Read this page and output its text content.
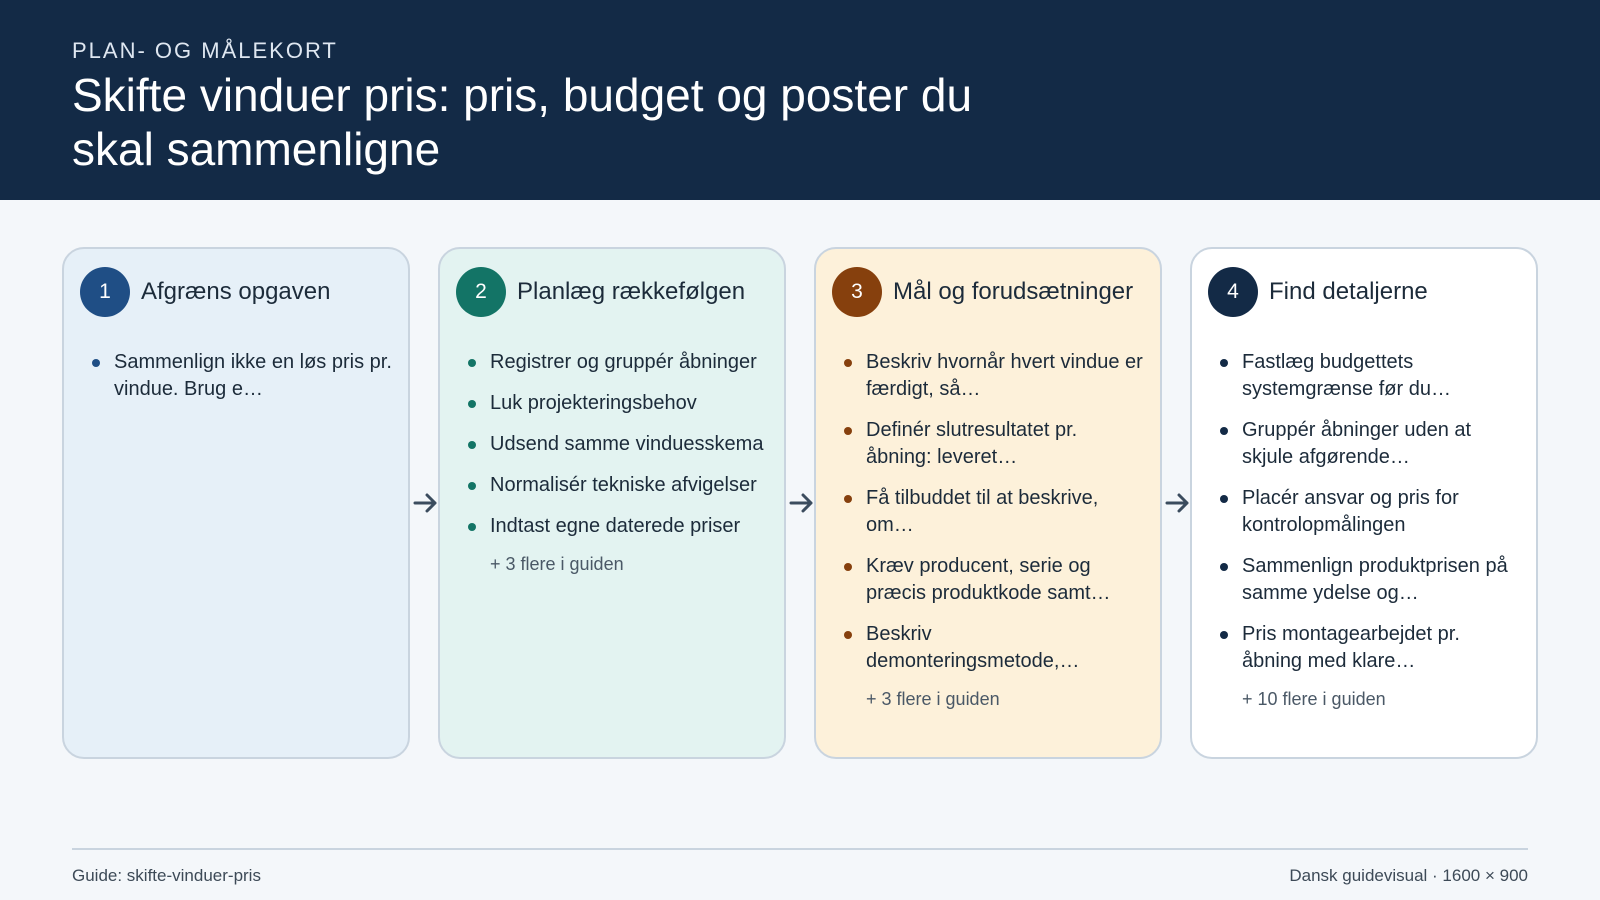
PLAN- OG MÅLEKORT
Skifte vinduer pris: pris, budget og poster du skal sammenligne
1	Afgræns opgaven
Sammenlign ikke en løs pris pr. vindue. Brug e…
2	Planlæg rækkefølgen
Registrer og gruppér åbninger
Luk projekteringsbehov
Udsend samme vinduesskema
Normalisér tekniske afvigelser
Indtast egne daterede priser
+ 3 flere i guiden
3	Mål og forudsætninger
Beskriv hvornår hvert vindue er færdigt, så…
Definér slutresultatet pr. åbning: leveret…
Få tilbuddet til at beskrive, om…
Kræv producent, serie og præcis produktkode samt…
Beskriv demonteringsmetode,…
+ 3 flere i guiden
4	Find detaljerne
Fastlæg budgettets systemgrænse før du…
Gruppér åbninger uden at skjule afgørende…
Placér ansvar og pris for kontrolopmålingen
Sammenlign produktprisen på samme ydelse og…
Pris montagearbejdet pr. åbning med klare…
+ 10 flere i guiden
Guide: skifte-vinduer-pris	Dansk guidevisual · 1600 × 900
